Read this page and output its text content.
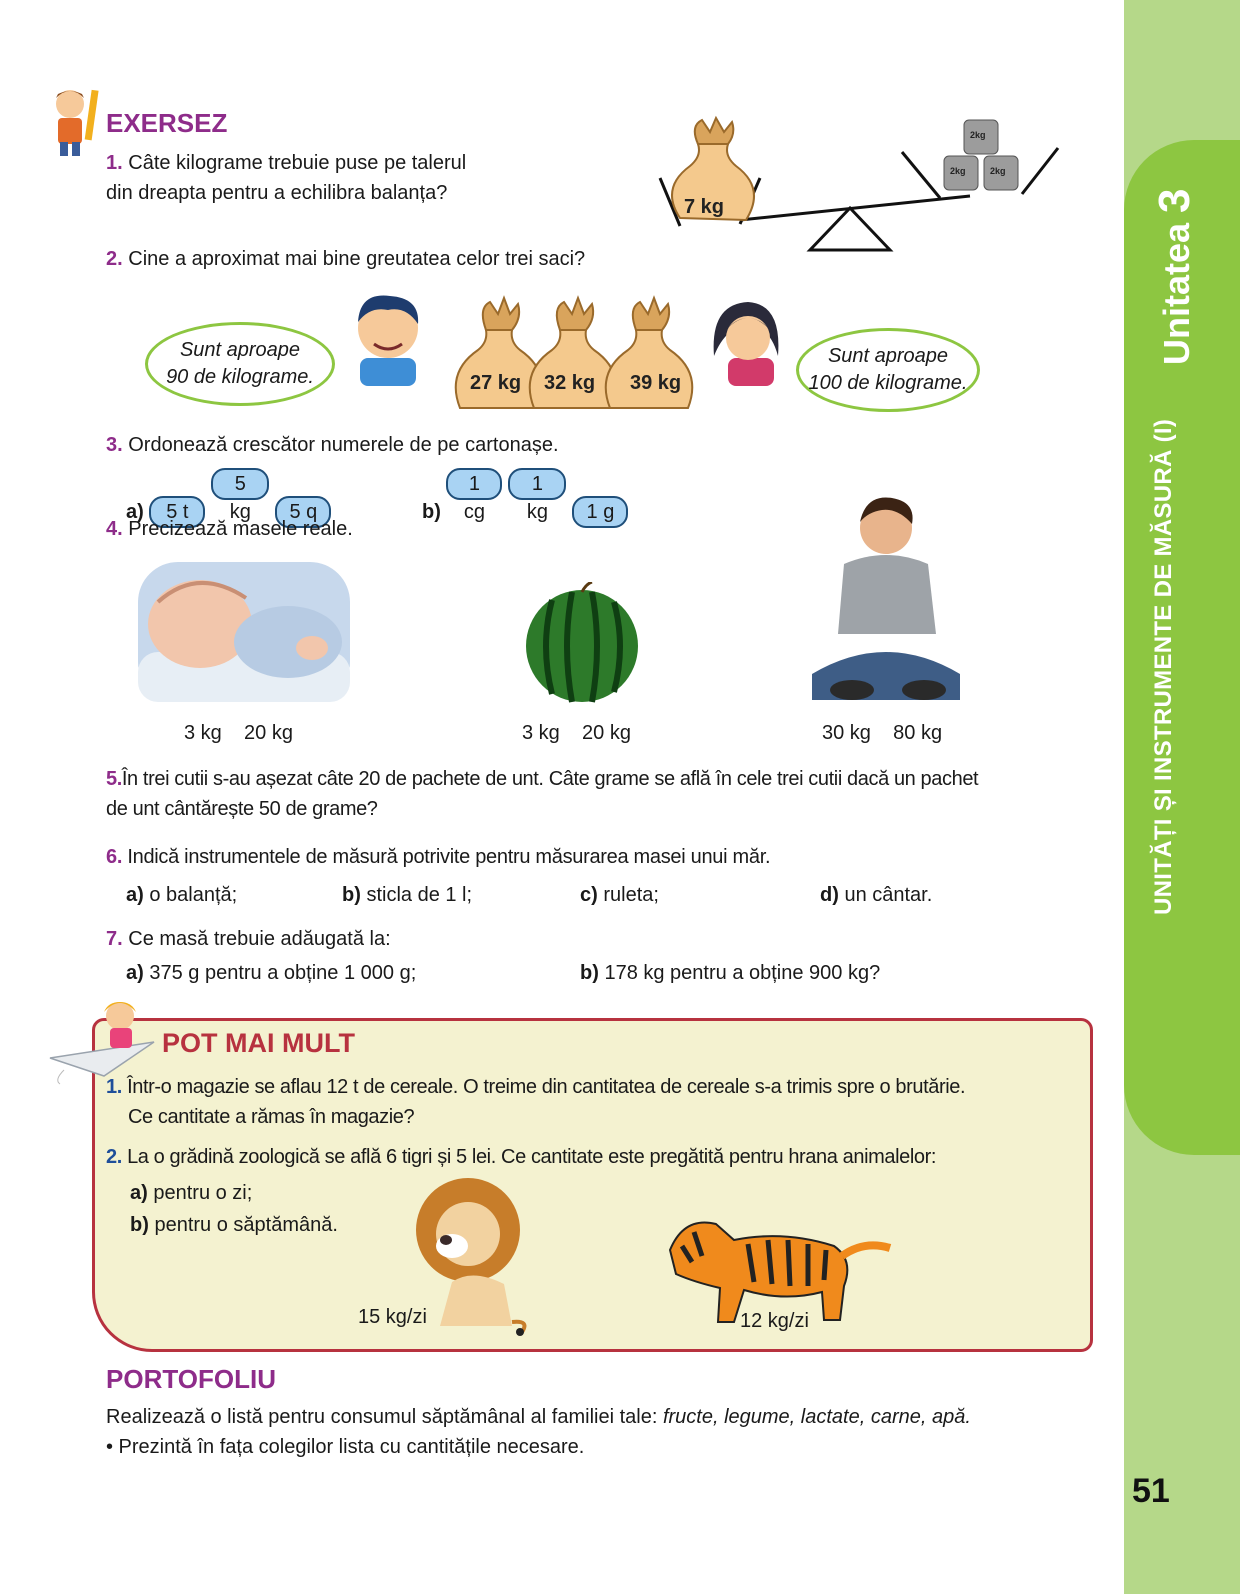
Unitatea 3
UNITĂȚI ȘI INSTRUMENTE DE MĂSURĂ (I)
51
EXERSEZ
1. Câte kilograme trebuie puse pe talerul
din dreapta pentru a echilibra balanța?
7 kg
2kg
2kg	2kg
2. Cine a aproximat mai bine greutatea celor trei saci?
Sunt aproape
90 de kilograme.	27 kg 32 kg 39 kg
Sunt aproape
100 de kilograme.
3. Ordonează crescător numerele de pe cartonașe.
a) 5 t5 kg 5 q	b) 1 cg1 kg 1 g
4. Precizează masele reale.
3 kg 20 kg	3 kg 20 kg	30 kg 80 kg
5.În trei cutii s-au așezat câte 20 de pachete de unt. Câte grame se află în cele trei cutii dacă un pachet
de unt cântărește 50 de grame?
6. Indică instrumentele de măsură potrivite pentru măsurarea masei unui măr.
a) o balanță;	b) sticla de 1 l;	c) ruleta;	d) un cântar.
7. Ce masă trebuie adăugată la:
a) 375 g pentru a obține 1 000 g;	b) 178 kg pentru a obține 900 kg?
POT MAI MULT
1. Într-o magazie se aflau 12 t de cereale. O treime din cantitatea de cereale s-a trimis spre o brutărie.
Ce cantitate a rămas în magazie?
2. La o grădină zoologică se află 6 tigri și 5 lei. Ce cantitate este pregătită pentru hrana animalelor:
a) pentru o zi;
b) pentru o săptămână.
15 kg/zi	12 kg/zi
PORTOFOLIU
Realizează o listă pentru consumul săptămânal al familiei tale: fructe, legume, lactate, carne, apă.
• Prezintă în fața colegilor lista cu cantitățile necesare.
